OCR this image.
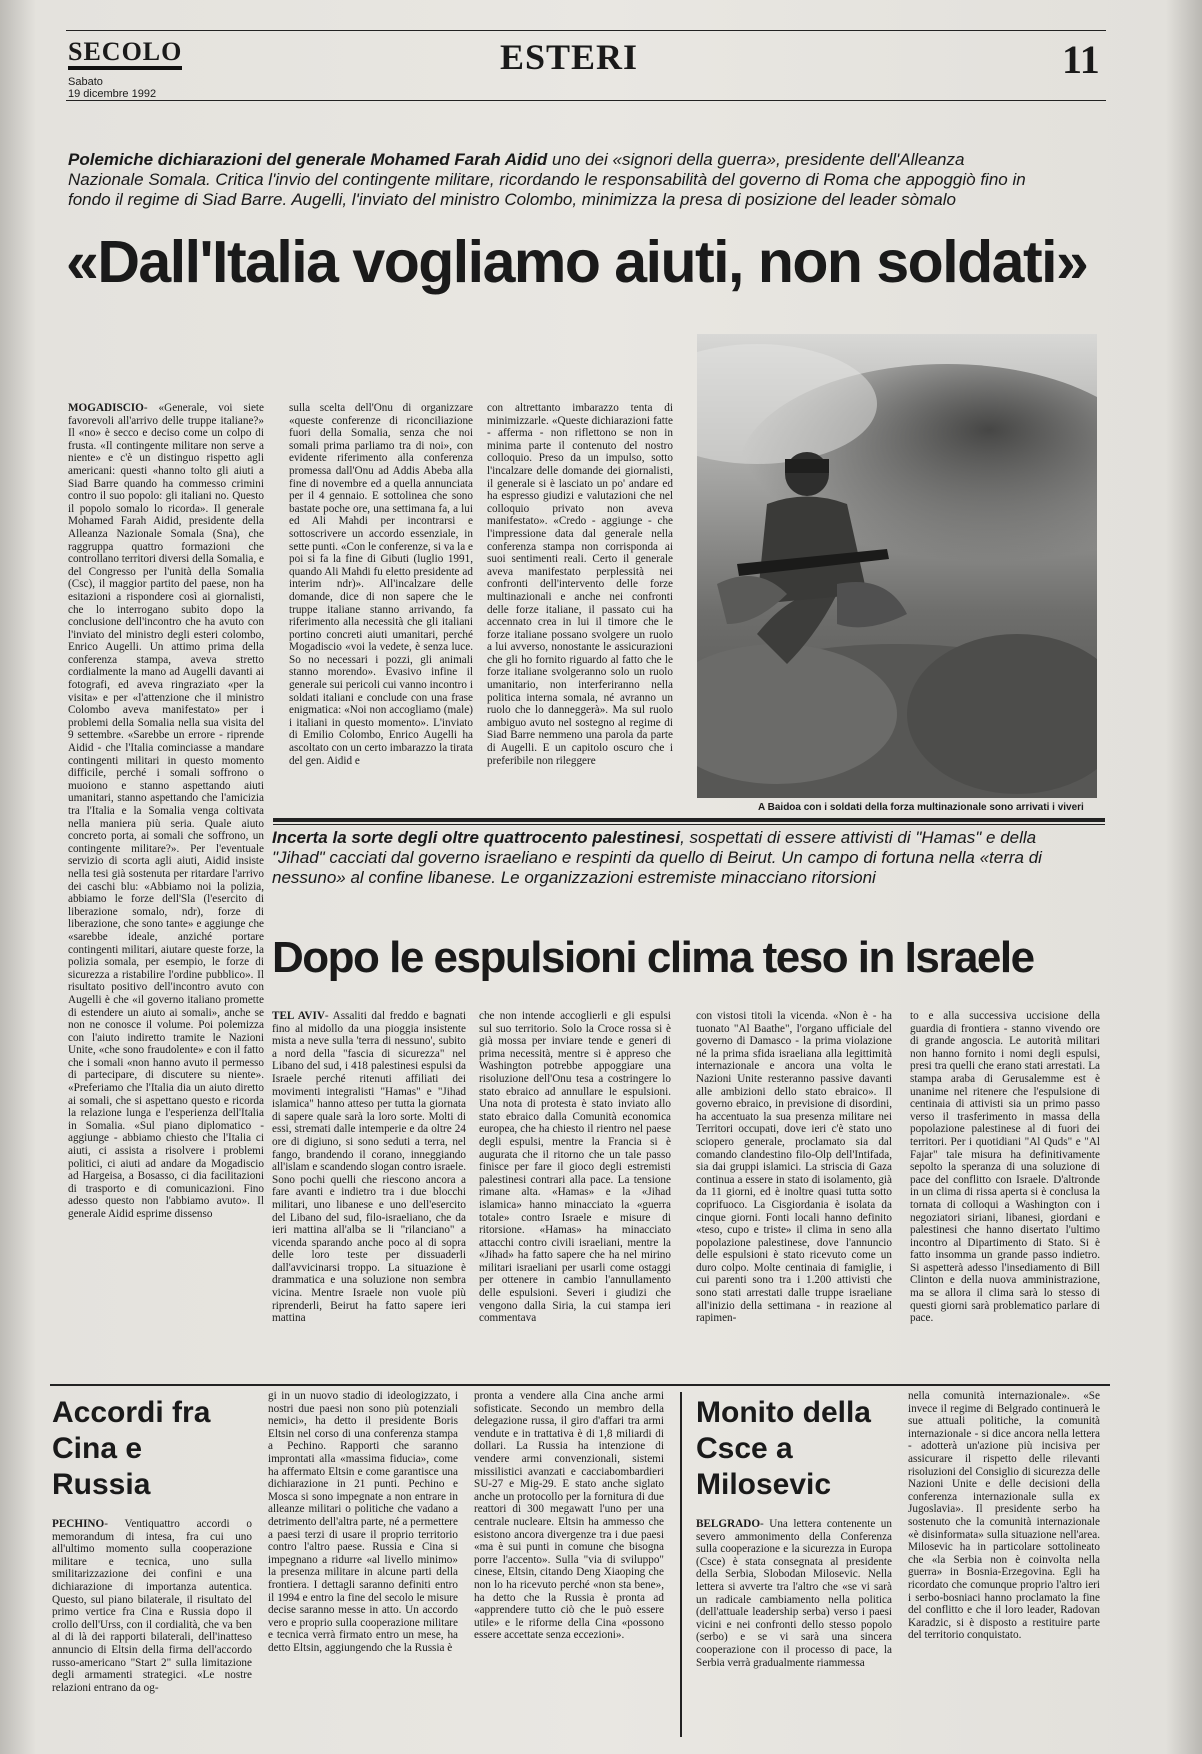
SECOLO
Sabato
19 dicembre 1992
ESTERI	11
Polemiche dichiarazioni del generale Mohamed Farah Aidid uno dei «signori della guerra», presidente dell'Alleanza Nazionale Somala. Critica l'invio del contingente militare, ricordando le responsabilità del governo di Roma che appoggiò fino in fondo il regime di Siad Barre. Augelli, l'inviato del ministro Colombo, minimizza la presa di posizione del leader sòmalo
«Dall'Italia vogliamo aiuti, non soldati»

MOGADISCIO- «Generale, voi siete favorevoli all'arrivo delle truppe italiane?» Il «no» è secco e deciso come un colpo di frusta. «Il contingente militare non serve a niente» e c'è un distinguo rispetto agli americani: questi «hanno tolto gli aiuti a Siad Barre quando ha commesso crimini contro il suo popolo: gli italiani no. Questo il popolo somalo lo ricorda». Il generale Mohamed Farah Aidid, presidente della Alleanza Nazionale Somala (Sna), che raggruppa quattro formazioni che controllano territori diversi della Somalia, e del Congresso per l'unità della Somalia (Csc), il maggior partito del paese, non ha esitazioni a rispondere così ai giornalisti, che lo interrogano subito dopo la conclusione dell'incontro che ha avuto con l'inviato del ministro degli esteri colombo, Enrico Augelli. Un attimo prima della conferenza stampa, aveva stretto cordialmente la mano ad Augelli davanti ai fotografi, ed aveva ringraziato «per la visita» e per «l'attenzione che il ministro Colombo aveva manifestato» per i problemi della Somalia nella sua visita del 9 settembre. «Sarebbe un errore - riprende Aidid - che l'Italia cominciasse a mandare contingenti militari in questo momento difficile, perché i somali soffrono o muoiono e stanno aspettando aiuti umanitari, stanno aspettando che l'amicizia tra l'Italia e la Somalia venga coltivata nella maniera più seria. Quale aiuto concreto porta, ai somali che soffrono, un contingente militare?». Per l'eventuale servizio di scorta agli aiuti, Aidid insiste nella tesi già sostenuta per ritardare l'arrivo dei caschi blu: «Abbiamo noi la polizia, abbiamo le forze dell'Sla (l'esercito di liberazione somalo, ndr), forze di liberazione, che sono tante» e aggiunge che «sarebbe ideale, anziché portare contingenti militari, aiutare queste forze, la polizia somala, per esempio, le forze di sicurezza a ristabilire l'ordine pubblico». Il risultato positivo dell'incontro avuto con Augelli è che «il governo italiano promette di estendere un aiuto ai somali», anche se non ne conosce il volume. Poi polemizza con l'aiuto indiretto tramite le Nazioni Unite, «che sono fraudolente» e con il fatto che i somali «non hanno avuto il permesso di partecipare, di discutere su niente». «Preferiamo che l'Italia dia un aiuto diretto ai somali, che si aspettano questo e ricorda la relazione lunga e l'esperienza dell'Italia in Somalia. «Sul piano diplomatico - aggiunge - abbiamo chiesto che l'Italia ci aiuti, ci assista a risolvere i problemi politici, ci aiuti ad andare da Mogadiscio ad Hargeisa, a Bosasso, ci dia facilitazioni di trasporto e di comunicazioni. Fino adesso questo non l'abbiamo avuto». Il generale Aidid esprime dissenso

sulla scelta dell'Onu di organizzare «queste conferenze di riconciliazione fuori della Somalia, senza che noi somali prima parliamo tra di noi», con evidente riferimento alla conferenza promessa dall'Onu ad Addis Abeba alla fine di novembre ed a quella annunciata per il 4 gennaio. E sottolinea che sono bastate poche ore, una settimana fa, a lui ed Ali Mahdi per incontrarsi e sottoscrivere un accordo essenziale, in sette punti. «Con le conferenze, si va la e poi si fa la fine di Gibuti (luglio 1991, quando Ali Mahdi fu eletto presidente ad interim ndr)». All'incalzare delle domande, dice di non sapere che le truppe italiane stanno arrivando, fa riferimento alla necessità che gli italiani portino concreti aiuti umanitari, perché Mogadiscio «voi la vedete, è senza luce. So no necessari i pozzi, gli animali stanno morendo». Evasivo infine il generale sui pericoli cui vanno incontro i soldati italiani e conclude con una frase enigmatica: «Noi non accogliamo (male) i italiani in questo momento». L'inviato di Emilio Colombo, Enrico Augelli ha ascoltato con un certo imbarazzo la tirata del gen. Aidid e

con altrettanto imbarazzo tenta di minimizzarle. «Queste dichiarazioni fatte - afferma - non riflettono se non in minima parte il contenuto del nostro colloquio. Preso da un impulso, sotto l'incalzare delle domande dei giornalisti, il generale si è lasciato un po' andare ed ha espresso giudizi e valutazioni che nel colloquio privato non aveva manifestato». «Credo - aggiunge - che l'impressione data dal generale nella conferenza stampa non corrisponda ai suoi sentimenti reali. Certo il generale aveva manifestato perplessità nei confronti dell'intervento delle forze multinazionali e anche nei confronti delle forze italiane, il passato cui ha accennato crea in lui il timore che le forze italiane possano svolgere un ruolo a lui avverso, nonostante le assicurazioni che gli ho fornito riguardo al fatto che le forze italiane svolgeranno solo un ruolo umanitario, non interferiranno nella politica interna somala, né avranno un ruolo che lo danneggerà». Ma sul ruolo ambiguo avuto nel sostegno al regime di Siad Barre nemmeno una parola da parte di Augelli. E un capitolo oscuro che i preferibile non rileggere

A Baidoa con i soldati della forza multinazionale sono arrivati i viveri
Incerta la sorte degli oltre quattrocento palestinesi, sospettati di essere attivisti di "Hamas" e della "Jihad" cacciati dal governo israeliano e respinti da quello di Beirut. Un campo di fortuna nella «terra di nessuno» al confine libanese. Le organizzazioni estremiste minacciano ritorsioni
Dopo le espulsioni clima teso in Israele

TEL AVIV- Assaliti dal freddo e bagnati fino al midollo da una pioggia insistente mista a neve sulla 'terra di nessuno', subito a nord della "fascia di sicurezza" nel Libano del sud, i 418 palestinesi espulsi da Israele perché ritenuti affiliati dei movimenti integralisti "Hamas" e "Jihad islamica" hanno atteso per tutta la giornata di sapere quale sarà la loro sorte. Molti di essi, stremati dalle intemperie e da oltre 24 ore di digiuno, si sono seduti a terra, nel fango, brandendo il corano, inneggiando all'islam e scandendo slogan contro israele. Sono pochi quelli che riescono ancora a fare avanti e indietro tra i due blocchi militari, uno libanese e uno dell'esercito del Libano del sud, filo-israeliano, che da ieri mattina all'alba se li "rilanciano" a vicenda sparando anche poco al di sopra delle loro teste per dissuaderli dall'avvicinarsi troppo. La situazione è drammatica e una soluzione non sembra vicina. Mentre Israele non vuole più riprenderli, Beirut ha fatto sapere ieri mattina

che non intende accoglierli e gli espulsi sul suo territorio. Solo la Croce rossa si è già mossa per inviare tende e generi di prima necessità, mentre si è appreso che Washington potrebbe appoggiare una risoluzione dell'Onu tesa a costringere lo stato ebraico ad annullare le espulsioni. Una nota di protesta è stato inviato allo stato ebraico dalla Comunità economica europea, che ha chiesto il rientro nel paese degli espulsi, mentre la Francia si è augurata che il ritorno che un tale passo finisce per fare il gioco degli estremisti palestinesi contrari alla pace. La tensione rimane alta. «Hamas» e la «Jihad islamica» hanno minacciato la «guerra totale» contro Israele e misure di ritorsione. «Hamas» ha minacciato attacchi contro civili israeliani, mentre la «Jihad» ha fatto sapere che ha nel mirino militari israeliani per usarli come ostaggi per ottenere in cambio l'annullamento delle espulsioni. Severi i giudizi che vengono dalla Siria, la cui stampa ieri commentava

con vistosi titoli la vicenda. «Non è - ha tuonato "Al Baathe", l'organo ufficiale del governo di Damasco - la prima violazione né la prima sfida israeliana alla legittimità internazionale e ancora una volta le Nazioni Unite resteranno passive davanti alle ambizioni dello stato ebraico». Il governo ebraico, in previsione di disordini, ha accentuato la sua presenza militare nei Territori occupati, dove ieri c'è stato uno sciopero generale, proclamato sia dal comando clandestino filo-Olp dell'Intifada, sia dai gruppi islamici. La striscia di Gaza continua a essere in stato di isolamento, già da 11 giorni, ed è inoltre quasi tutta sotto coprifuoco. La Cisgiordania è isolata da cinque giorni. Fonti locali hanno definito «teso, cupo e triste» il clima in seno alla popolazione palestinese, dove l'annuncio delle espulsioni è stato ricevuto come un duro colpo. Molte centinaia di famiglie, i cui parenti sono tra i 1.200 attivisti che sono stati arrestati dalle truppe israeliane all'inizio della settimana - in reazione al rapimen-

to e alla successiva uccisione della guardia di frontiera - stanno vivendo ore di grande angoscia. Le autorità militari non hanno fornito i nomi degli espulsi, presi tra quelli che erano stati arrestati. La stampa araba di Gerusalemme est è unanime nel ritenere che l'espulsione di centinaia di attivisti sia un primo passo verso il trasferimento in massa della popolazione palestinese al di fuori dei territori. Per i quotidiani "Al Quds" e "Al Fajar" tale misura ha definitivamente sepolto la speranza di una soluzione di pace del conflitto con Israele. D'altronde in un clima di rissa aperta si è conclusa la tornata di colloqui a Washington con i negoziatori siriani, libanesi, giordani e palestinesi che hanno disertato l'ultimo incontro al Dipartimento di Stato. Si è fatto insomma un grande passo indietro. Si aspetterà adesso l'insediamento di Bill Clinton e della nuova amministrazione, ma se allora il clima sarà lo stesso di questi giorni sarà problematico parlare di pace.

Accordi fra Cina e Russia

PECHINO- Ventiquattro accordi o memorandum di intesa, fra cui uno all'ultimo momento sulla cooperazione militare e tecnica, uno sulla smilitarizzazione dei confini e una dichiarazione di importanza autentica. Questo, sul piano bilaterale, il risultato del primo vertice fra Cina e Russia dopo il crollo dell'Urss, con il cordialità, che va ben al di là dei rapporti bilaterali, dell'inatteso annuncio di Eltsin della firma dell'accordo russo-americano "Start 2" sulla limitazione degli armamenti strategici. «Le nostre relazioni entrano da og-

gi in un nuovo stadio di ideologizzato, i nostri due paesi non sono più potenziali nemici», ha detto il presidente Boris Eltsin nel corso di una conferenza stampa a Pechino. Rapporti che saranno improntati alla «massima fiducia», come ha affermato Eltsin e come garantisce una dichiarazione in 21 punti. Pechino e Mosca si sono impegnate a non entrare in alleanze militari o politiche che vadano a detrimento dell'altra parte, né a permettere a paesi terzi di usare il proprio territorio contro l'altro paese. Russia e Cina si impegnano a ridurre «al livello minimo» la presenza militare in alcune parti della frontiera. I dettagli saranno definiti entro il 1994 e entro la fine del secolo le misure decise saranno messe in atto. Un accordo vero e proprio sulla cooperazione militare e tecnica verrà firmato entro un mese, ha detto Eltsin, aggiungendo che la Russia è

pronta a vendere alla Cina anche armi sofisticate. Secondo un membro della delegazione russa, il giro d'affari tra armi vendute e in trattativa è di 1,8 miliardi di dollari. La Russia ha intenzione di vendere armi convenzionali, sistemi missilistici avanzati e cacciabombardieri SU-27 e Mig-29. E stato anche siglato anche un protocollo per la fornitura di due reattori di 300 megawatt l'uno per una centrale nucleare. Eltsin ha ammesso che esistono ancora divergenze tra i due paesi «ma è sui punti in comune che bisogna porre l'accento». Sulla "via di sviluppo" cinese, Eltsin, citando Deng Xiaoping che non lo ha ricevuto perché «non sta bene», ha detto che la Russia è pronta ad «apprendere tutto ciò che le può essere utile» e le riforme della Cina «possono essere accettate senza eccezioni».

Monito della Csce a Milosevic

BELGRADO- Una lettera contenente un severo ammonimento della Conferenza sulla cooperazione e la sicurezza in Europa (Csce) è stata consegnata al presidente della Serbia, Slobodan Milosevic. Nella lettera si avverte tra l'altro che «se vi sarà un radicale cambiamento nella politica (dell'attuale leadership serba) verso i paesi vicini e nei confronti dello stesso popolo (serbo) e se vi sarà una sincera cooperazione con il processo di pace, la Serbia verrà gradualmente riammessa

nella comunità internazionale». «Se invece il regime di Belgrado continuerà le sue attuali politiche, la comunità internazionale - si dice ancora nella lettera - adotterà un'azione più incisiva per assicurare il rispetto delle rilevanti risoluzioni del Consiglio di sicurezza delle Nazioni Unite e delle decisioni della conferenza internazionale sulla ex Jugoslavia». Il presidente serbo ha sostenuto che la comunità internazionale «è disinformata» sulla situazione nell'area. Milosevic ha in particolare sottolineato che «la Serbia non è coinvolta nella guerra» in Bosnia-Erzegovina. Egli ha ricordato che comunque proprio l'altro ieri i serbo-bosniaci hanno proclamato la fine del conflitto e che il loro leader, Radovan Karadzic, si è disposto a restituire parte del territorio conquistato.
